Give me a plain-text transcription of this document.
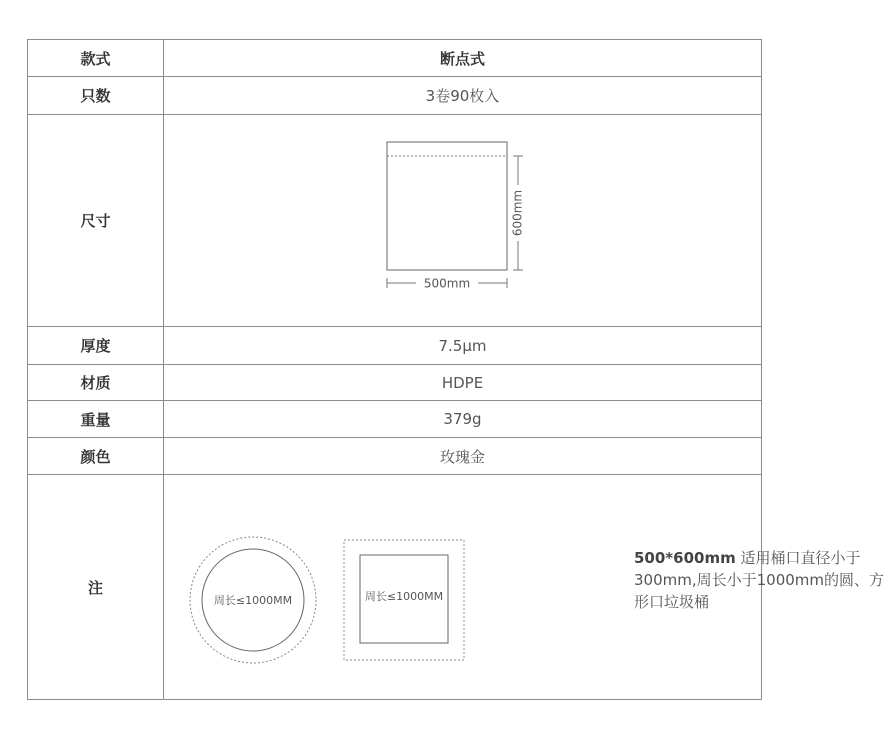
款式	断点式
只数	3卷90枚入
尺寸	600mm
500mm
厚度	7.5μm
材质	HDPE
重量	379g
颜色	玫瑰金
注
周长≤1000MM	周长≤1000MM
500*600mm 适用桶口直径小于300mm,周长小于1000mm的圆、方形口垃圾桶
